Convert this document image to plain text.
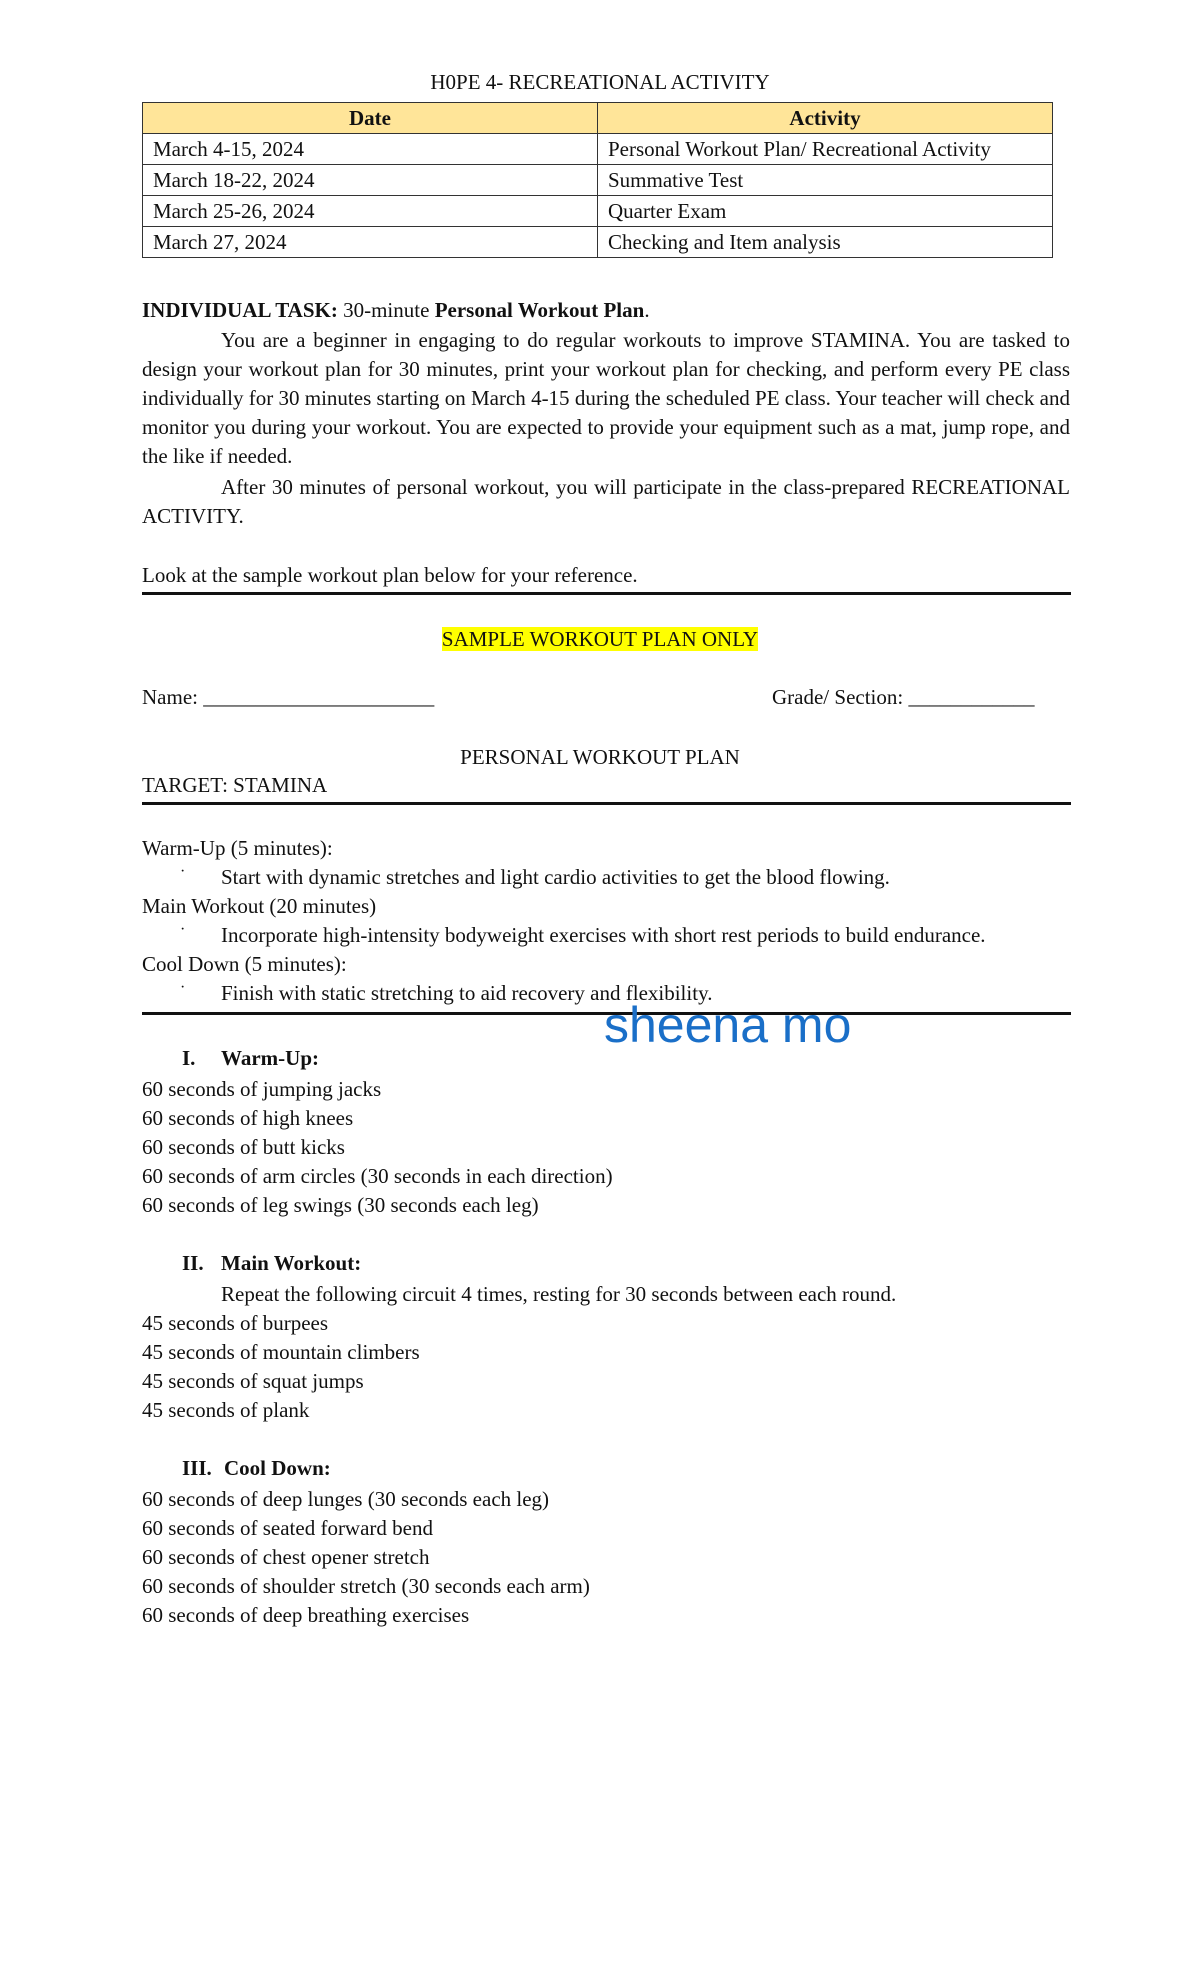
H0PE 4- RECREATIONAL ACTIVITY
Date	Activity
March 4-15, 2024	Personal Workout Plan/ Recreational Activity
March 18-22, 2024	Summative Test
March 25-26, 2024	Quarter Exam
March 27, 2024	Checking and Item analysis
INDIVIDUAL TASK: 30-minute Personal Workout Plan.
You are a beginner in engaging to do regular workouts to improve STAMINA. You are tasked to design your workout plan for 30 minutes, print your workout plan for checking, and perform every PE class individually for 30 minutes starting on March 4-15 during the scheduled PE class. Your teacher will check and monitor you during your workout. You are expected to provide your equipment such as a mat, jump rope, and the like if needed.
After 30 minutes of personal workout, you will participate in the class-prepared RECREATIONAL ACTIVITY.
Look at the sample workout plan below for your reference.
SAMPLE WORKOUT PLAN ONLY
Name: ______________________	Grade/ Section: ____________
PERSONAL WORKOUT PLAN
TARGET: STAMINA
Warm-Up (5 minutes):
· Start with dynamic stretches and light cardio activities to get the blood flowing.
Main Workout (20 minutes)
· Incorporate high-intensity bodyweight exercises with short rest periods to build endurance.
Cool Down (5 minutes):
· Finish with static stretching to aid recovery and flexibility.
sheena mo
I. Warm-Up:
60 seconds of jumping jacks
60 seconds of high knees
60 seconds of butt kicks
60 seconds of arm circles (30 seconds in each direction)
60 seconds of leg swings (30 seconds each leg)
II. Main Workout:
Repeat the following circuit 4 times, resting for 30 seconds between each round.
45 seconds of burpees
45 seconds of mountain climbers
45 seconds of squat jumps
45 seconds of plank
III. Cool Down:
60 seconds of deep lunges (30 seconds each leg)
60 seconds of seated forward bend
60 seconds of chest opener stretch
60 seconds of shoulder stretch (30 seconds each arm)
60 seconds of deep breathing exercises
